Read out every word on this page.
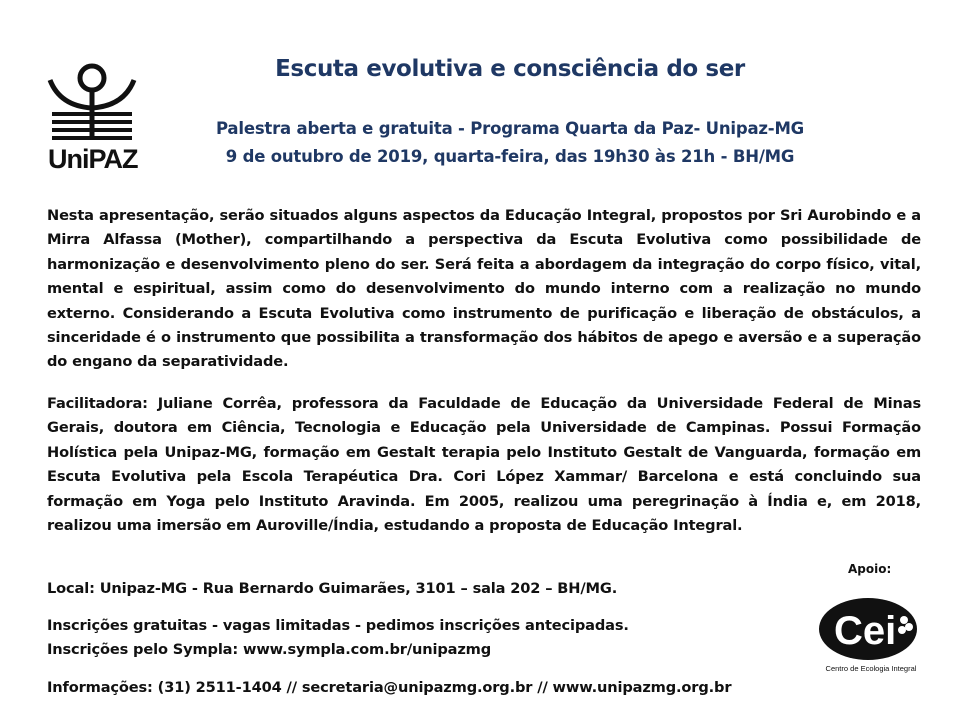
UniPAZ
Escuta evolutiva e consciência do ser
Palestra aberta e gratuita - Programa Quarta da Paz- Unipaz-MG
9 de outubro de 2019, quarta-feira, das 19h30 às 21h - BH/MG
Nesta apresentação, serão situados alguns aspectos da Educação Integral, propostos por Sri Aurobindo e a Mirra Alfassa (Mother), compartilhando a perspectiva da Escuta Evolutiva como possibilidade de harmonização e desenvolvimento pleno do ser. Será feita a abordagem da integração do corpo físico, vital, mental e espiritual, assim como do desenvolvimento do mundo interno com a realização no mundo externo. Considerando a Escuta Evolutiva como instrumento de purificação e liberação de obstáculos, a sinceridade é o instrumento que possibilita a transformação dos hábitos de apego e aversão e a superação do engano da separatividade.
Facilitadora: Juliane Corrêa, professora da Faculdade de Educação da Universidade Federal de Minas Gerais, doutora em Ciência, Tecnologia e Educação pela Universidade de Campinas. Possui Formação Holística pela Unipaz-MG, formação em Gestalt terapia pelo Instituto Gestalt de Vanguarda, formação em Escuta Evolutiva pela Escola Terapéutica Dra. Cori López Xammar/ Barcelona e está concluindo sua formação em Yoga pelo Instituto Aravinda. Em 2005, realizou uma peregrinação à Índia e, em 2018, realizou uma imersão em Auroville/Índia, estudando a proposta de Educação Integral.
Local: Unipaz-MG - Rua Bernardo Guimarães, 3101 – sala 202 – BH/MG.
Inscrições gratuitas - vagas limitadas - pedimos inscrições antecipadas.
Inscrições pelo Sympla: www.sympla.com.br/unipazmg
Informações: (31) 2511-1404 // secretaria@unipazmg.org.br // www.unipazmg.org.br
Apoio:
Cei
Centro de Ecologia Integral
